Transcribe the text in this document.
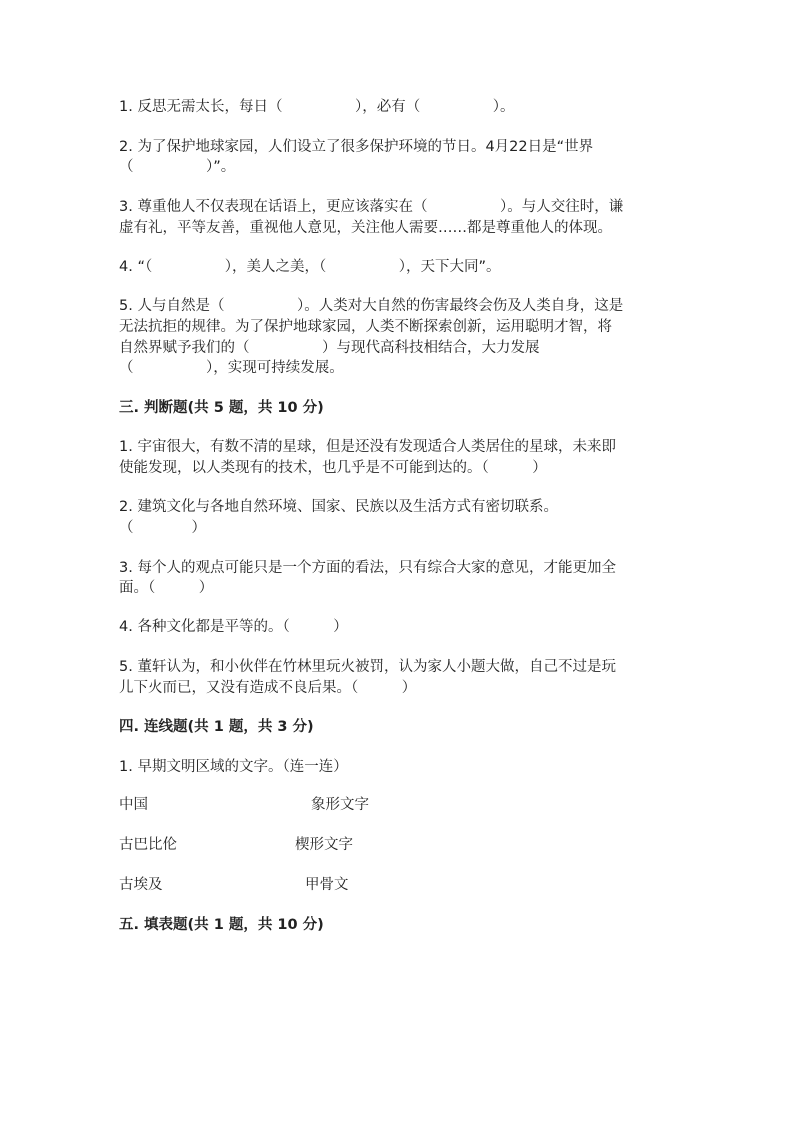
1. 反思无需太长，每日（　　　　　），必有（　　　　　）。
2. 为了保护地球家园，人们设立了很多保护环境的节日。4月22日是“世界
（　　　　　）”。
3. 尊重他人不仅表现在话语上，更应该落实在（　　　　　）。与人交往时，谦
虚有礼，平等友善，重视他人意见，关注他人需要……都是尊重他人的体现。
4. “（　　　　　），美人之美，（　　　　　），天下大同”。
5. 人与自然是（　　　　　）。人类对大自然的伤害最终会伤及人类自身，这是
无法抗拒的规律。为了保护地球家园，人类不断探索创新，运用聪明才智，将
自然界赋予我们的（　　　　　）与现代高科技相结合，大力发展
（　　　　　），实现可持续发展。
三. 判断题(共 5 题，共 10 分)
1. 宇宙很大，有数不清的星球，但是还没有发现适合人类居住的星球，未来即
使能发现，以人类现有的技术，也几乎是不可能到达的。（　　　）
2. 建筑文化与各地自然环境、国家、民族以及生活方式有密切联系。
（　　　　）
3. 每个人的观点可能只是一个方面的看法，只有综合大家的意见，才能更加全
面。（　　　）
4. 各种文化都是平等的。（　　　）
5. 董轩认为，和小伙伴在竹林里玩火被罚，认为家人小题大做，自己不过是玩
儿下火而已，又没有造成不良后果。（　　　）
四. 连线题(共 1 题，共 3 分)
1. 早期文明区域的文字。（连一连）
中国	象形文字
古巴比伦	楔形文字
古埃及	甲骨文
五. 填表题(共 1 题，共 10 分)
